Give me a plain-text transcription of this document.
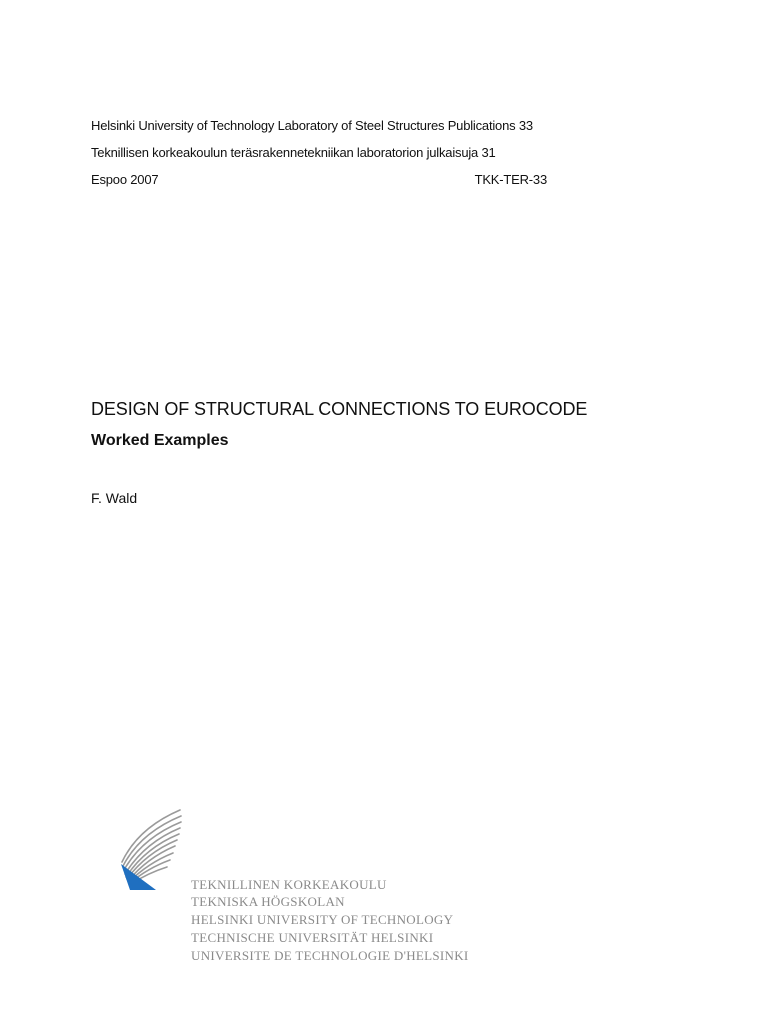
Helsinki University of Technology Laboratory of Steel Structures Publications 33
Teknillisen korkeakoulun teräsrakennetekniikan laboratorion julkaisuja 31
Espoo 2007	TKK-TER-33
DESIGN OF STRUCTURAL CONNECTIONS TO EUROCODE
Worked Examples
F. Wald
TEKNILLINEN KORKEAKOULU
TEKNISKA HÖGSKOLAN
HELSINKI UNIVERSITY OF TECHNOLOGY
TECHNISCHE UNIVERSITÄT HELSINKI
UNIVERSITE DE TECHNOLOGIE D'HELSINKI
